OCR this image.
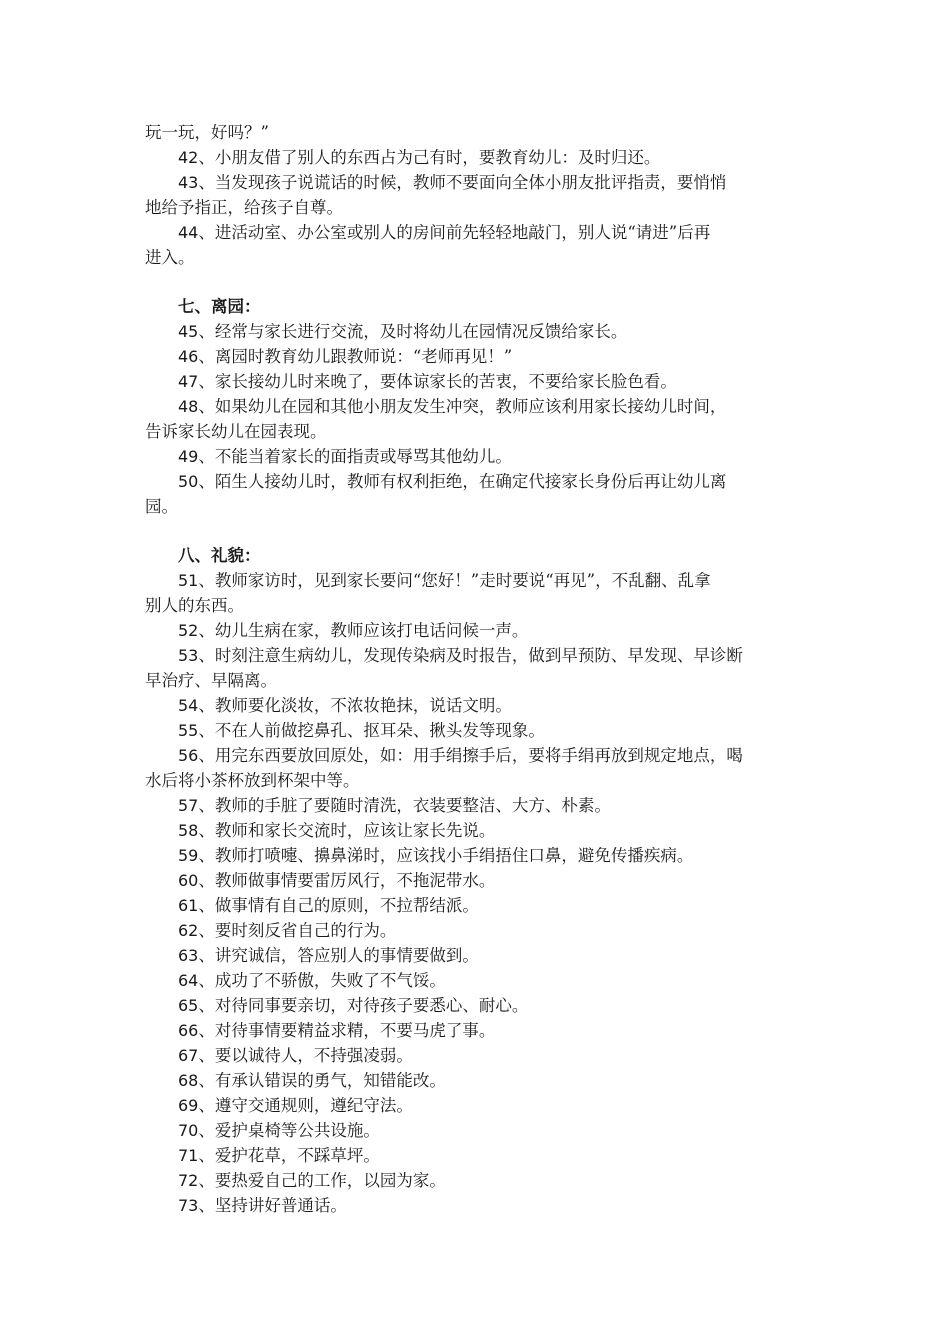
玩一玩，好吗？”
42、小朋友借了别人的东西占为己有时，要教育幼儿：及时归还。
43、当发现孩子说谎话的时候，教师不要面向全体小朋友批评指责，要悄悄
地给予指正，给孩子自尊。
44、进活动室、办公室或别人的房间前先轻轻地敲门，别人说“请进”后再
进入。
七、离园：
45、经常与家长进行交流，及时将幼儿在园情况反馈给家长。
46、离园时教育幼儿跟教师说：“老师再见！”
47、家长接幼儿时来晚了，要体谅家长的苦衷，不要给家长脸色看。
48、如果幼儿在园和其他小朋友发生冲突，教师应该利用家长接幼儿时间，
告诉家长幼儿在园表现。
49、不能当着家长的面指责或辱骂其他幼儿。
50、陌生人接幼儿时，教师有权利拒绝，在确定代接家长身份后再让幼儿离
园。
八、礼貌：
51、教师家访时，见到家长要问“您好！”走时要说“再见”，不乱翻、乱拿
别人的东西。
52、幼儿生病在家，教师应该打电话问候一声。
53、时刻注意生病幼儿，发现传染病及时报告，做到早预防、早发现、早诊断
早治疗、早隔离。
54、教师要化淡妆，不浓妆艳抹，说话文明。
55、不在人前做挖鼻孔、抠耳朵、揪头发等现象。
56、用完东西要放回原处，如：用手绢擦手后，要将手绢再放到规定地点，喝
水后将小茶杯放到杯架中等。
57、教师的手脏了要随时清洗，衣装要整洁、大方、朴素。
58、教师和家长交流时，应该让家长先说。
59、教师打喷嚏、擤鼻涕时，应该找小手绢捂住口鼻，避免传播疾病。
60、教师做事情要雷厉风行，不拖泥带水。
61、做事情有自己的原则，不拉帮结派。
62、要时刻反省自己的行为。
63、讲究诚信，答应别人的事情要做到。
64、成功了不骄傲，失败了不气馁。
65、对待同事要亲切，对待孩子要悉心、耐心。
66、对待事情要精益求精，不要马虎了事。
67、要以诚待人，不持强凌弱。
68、有承认错误的勇气，知错能改。
69、遵守交通规则，遵纪守法。
70、爱护桌椅等公共设施。
71、爱护花草，不踩草坪。
72、要热爱自己的工作，以园为家。
73、坚持讲好普通话。
